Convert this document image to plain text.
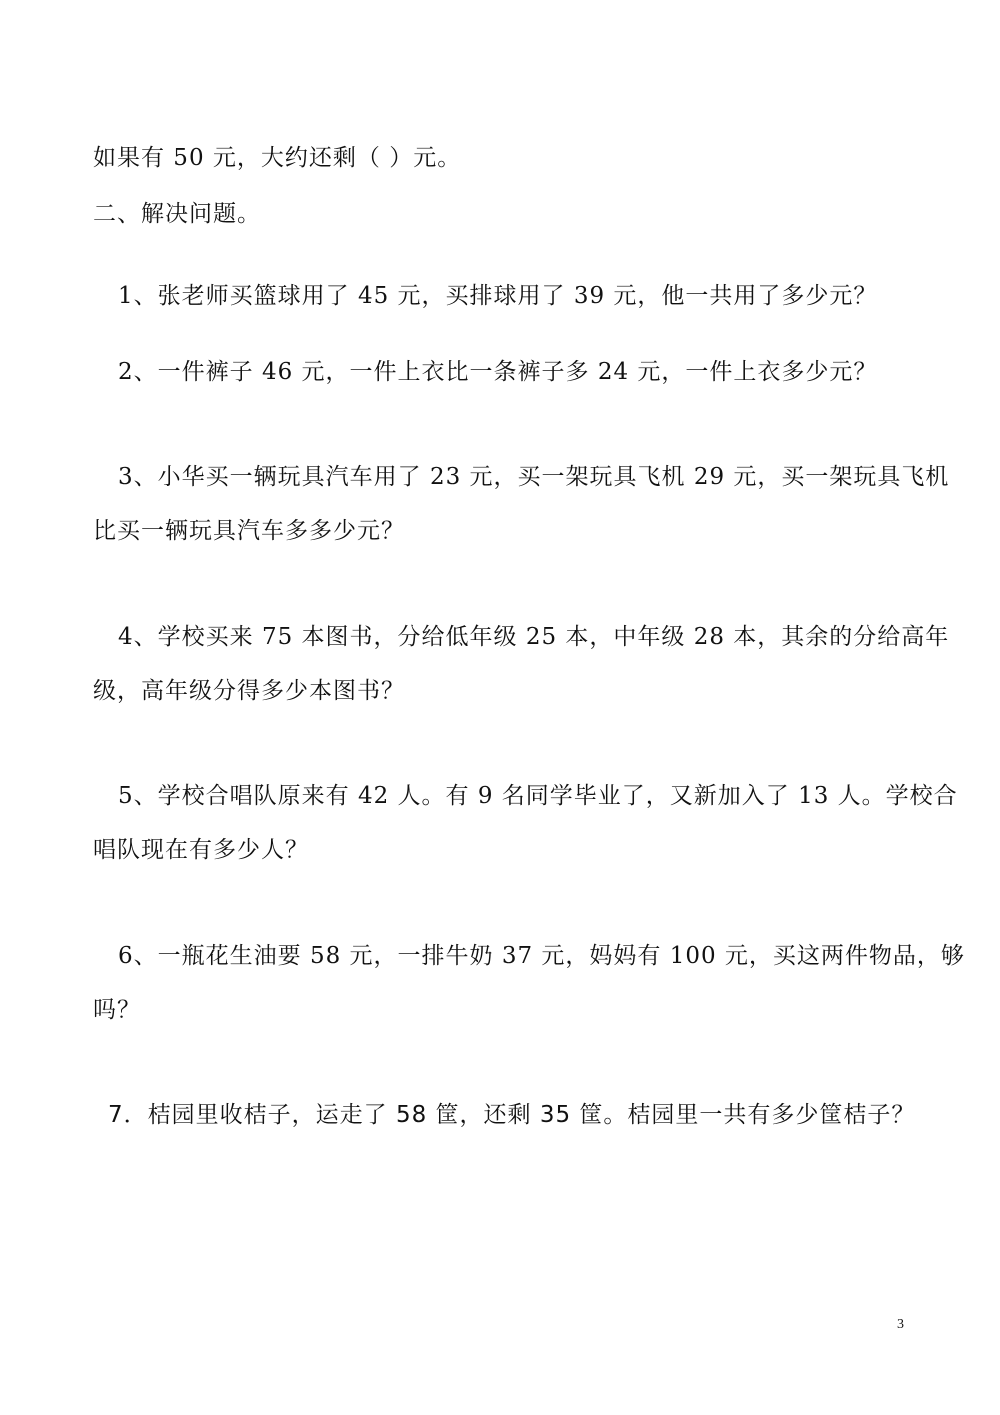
如果有 50 元，大约还剩（ ）元。
二、解决问题。
1、张老师买篮球用了 45 元，买排球用了 39 元，他一共用了多少元？
2、一件裤子 46 元，一件上衣比一条裤子多 24 元，一件上衣多少元？
3、小华买一辆玩具汽车用了 23 元，买一架玩具飞机 29 元，买一架玩具飞机
比买一辆玩具汽车多多少元？
4、学校买来 75 本图书，分给低年级 25 本，中年级 28 本，其余的分给高年
级，高年级分得多少本图书？
5、学校合唱队原来有 42 人。有 9 名同学毕业了，又新加入了 13 人。学校合
唱队现在有多少人？
6、一瓶花生油要 58 元，一排牛奶 37 元，妈妈有 100 元，买这两件物品，够
吗？
7．桔园里收桔子，运走了 58 筐，还剩 35 筐。桔园里一共有多少筐桔子？
3
